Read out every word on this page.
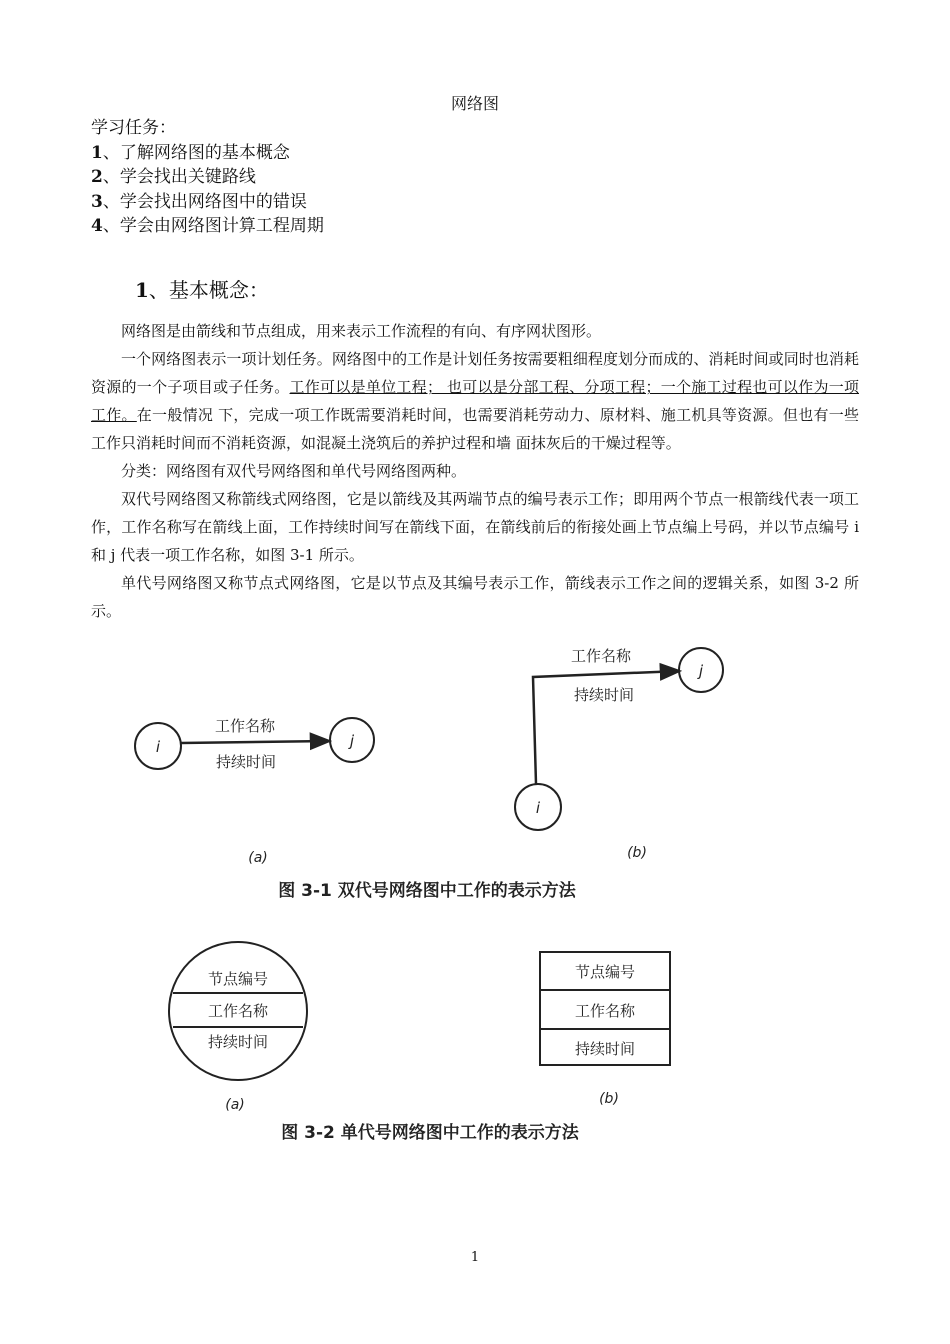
网络图
学习任务：
1、了解网络图的基本概念
2、学会找出关键路线
3、学会找出网络图中的错误
4、学会由网络图计算工程周期
1、基本概念：

网络图是由箭线和节点组成，用来表示工作流程的有向、有序网状图形。

一个网络图表示一项计划任务。网络图中的工作是计划任务按需要粗细程度划分而成的、消耗时间或同时也消耗资源的一个子项目或子任务。工作可以是单位工程； 也可以是分部工程、分项工程；一个施工过程也可以作为一项工作。在一般情况 下，完成一项工作既需要消耗时间，也需要消耗劳动力、原材料、施工机具等资源。但也有一些工作只消耗时间而不消耗资源，如混凝土浇筑后的养护过程和墙 面抹灰后的干燥过程等。

分类：网络图有双代号网络图和单代号网络图两种。

双代号网络图又称箭线式网络图，它是以箭线及其两端节点的编号表示工作；即用两个节点一根箭线代表一项工作，工作名称写在箭线上面，工作持续时间写在箭线下面，在箭线前后的衔接处画上节点编上号码，并以节点编号 i 和 j 代表一项工作名称，如图 3-1 所示。

单代号网络图又称节点式网络图，它是以节点及其编号表示工作，箭线表示工作之间的逻辑关系，如图 3-2 所示。

i	j
工作名称
持续时间
(a)
i
j
工作名称
持续时间
(b)
图 3-1 双代号网络图中工作的表示方法
节点编号
工作名称
持续时间
(a)
节点编号
工作名称
持续时间
(b)
图 3-2 单代号网络图中工作的表示方法
1
